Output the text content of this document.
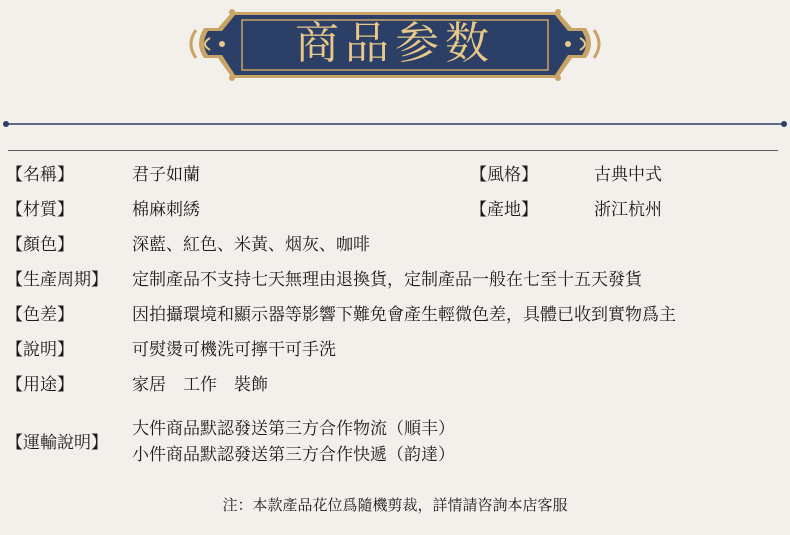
商品参数
【名稱】	君子如蘭	【風格】	古典中式
【材質】	棉麻刺綉	【產地】	浙江杭州
【顏色】	深藍、紅色、米黃、烟灰、咖啡
【生產周期】 定制產品不支持七天無理由退換貨，定制產品一般在七至十五天發貨
【色差】	因拍攝環境和顯示器等影響下難免會產生輕微色差，具體已收到實物爲主
【說明】	可熨燙可機洗可擰干可手洗
【用途】	家居　工作　裝飾
【運輸說明】
大件商品默認發送第三方合作物流（順丰）
小件商品默認發送第三方合作快遞（韵達）
注：本款產品花位爲隨機剪裁，詳情請咨詢本店客服
